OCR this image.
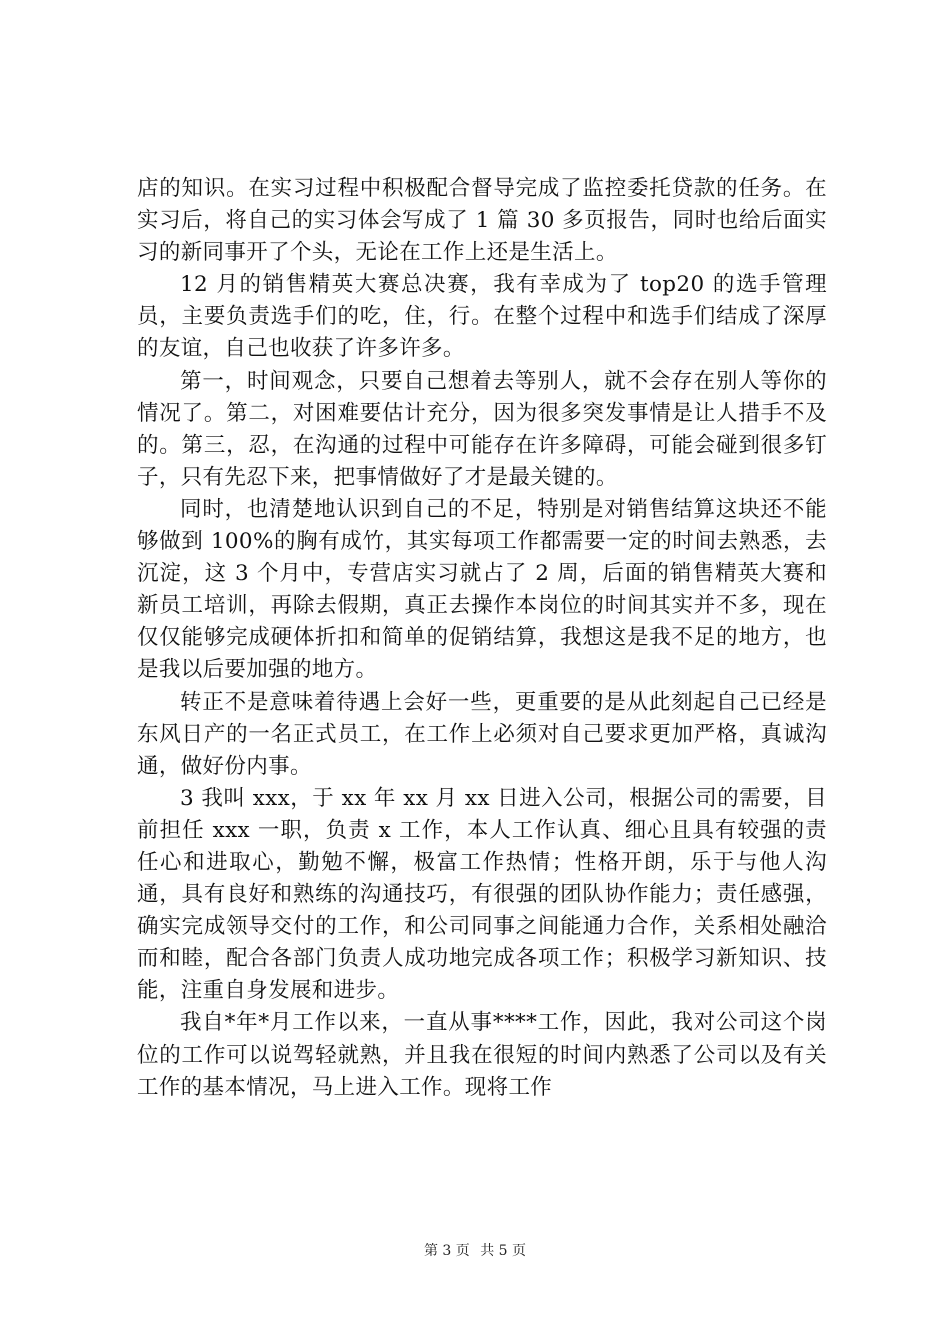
店的知识。在实习过程中积极配合督导完成了监控委托贷款的任务。在实习后，将自己的实习体会写成了 1 篇 30 多页报告，同时也给后面实习的新同事开了个头，无论在工作上还是生活上。

12 月的销售精英大赛总决赛，我有幸成为了 top20 的选手管理员，主要负责选手们的吃，住，行。在整个过程中和选手们结成了深厚的友谊，自己也收获了许多许多。

第一，时间观念，只要自己想着去等别人，就不会存在别人等你的情况了。第二，对困难要估计充分，因为很多突发事情是让人措手不及的。第三，忍，在沟通的过程中可能存在许多障碍，可能会碰到很多钉子，只有先忍下来，把事情做好了才是最关键的。

同时，也清楚地认识到自己的不足，特别是对销售结算这块还不能够做到 100%的胸有成竹，其实每项工作都需要一定的时间去熟悉，去沉淀，这 3 个月中，专营店实习就占了 2 周，后面的销售精英大赛和新员工培训，再除去假期，真正去操作本岗位的时间其实并不多，现在仅仅能够完成硬体折扣和简单的促销结算，我想这是我不足的地方，也是我以后要加强的地方。

转正不是意味着待遇上会好一些，更重要的是从此刻起自己已经是东风日产的一名正式员工，在工作上必须对自己要求更加严格，真诚沟通，做好份内事。

3 我叫 xxx，于 xx 年 xx 月 xx 日进入公司，根据公司的需要，目前担任 xxx 一职，负责 x 工作，本人工作认真、细心且具有较强的责任心和进取心，勤勉不懈，极富工作热情；性格开朗，乐于与他人沟通，具有良好和熟练的沟通技巧，有很强的团队协作能力；责任感强，确实完成领导交付的工作，和公司同事之间能通力合作，关系相处融洽而和睦，配合各部门负责人成功地完成各项工作；积极学习新知识、技能，注重自身发展和进步。

我自*年*月工作以来，一直从事****工作，因此，我对公司这个岗位的工作可以说驾轻就熟，并且我在很短的时间内熟悉了公司以及有关工作的基本情况，马上进入工作。现将工作

第 3 页 共 5 页
